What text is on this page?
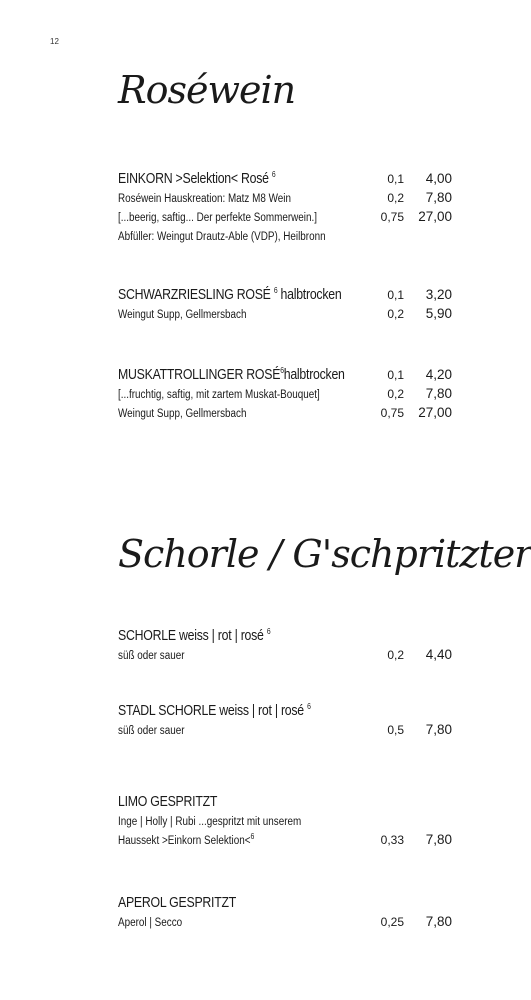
12
Roséwein
EINKORN >Selektion< Rosé $^6$	0,1 4,00
Roséwein Hauskreation: Matz M8 Wein	0,2 7,80
[...beerig, saftig... Der perfekte Sommerwein.]	0,75 27,00
Abfüller: Weingut Drautz-Able (VDP), Heilbronn
SCHWARZRIESLING ROSÉ $^6$ halbtrocken	0,1 3,20
Weingut Supp, Gellmersbach	0,2 5,90
MUSKATTROLLINGER ROSÉ$^6$halbtrocken	0,1 4,20
[...fruchtig, saftig, mit zartem Muskat-Bouquet]	0,2 7,80
Weingut Supp, Gellmersbach	0,75 27,00
Schorle / G'schpritzter
SCHORLE weiss | rot | rosé $^6$
süß oder sauer	0,2 4,40
STADL SCHORLE weiss | rot | rosé $^6$
süß oder sauer	0,5 7,80
LIMO GESPRITZT
Inge | Holly | Rubi ...gespritzt mit unserem
Haussekt >Einkorn Selektion<$^6$	0,33 7,80
APEROL GESPRITZT
Aperol | Secco	0,25 7,80
